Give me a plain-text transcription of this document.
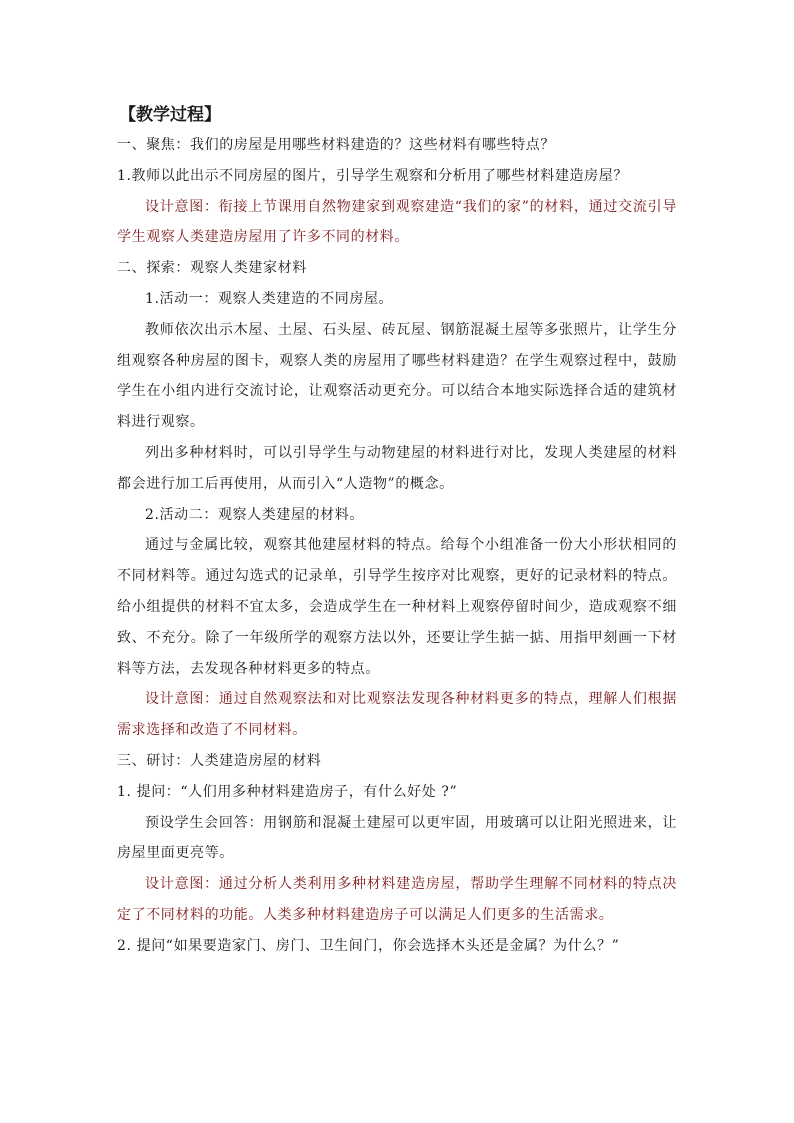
【教学过程】

一、聚焦：我们的房屋是用哪些材料建造的？这些材料有哪些特点？

1.教师以此出示不同房屋的图片，引导学生观察和分析用了哪些材料建造房屋？

设计意图：衔接上节课用自然物建家到观察建造“我们的家”的材料，通过交流引导学生观察人类建造房屋用了许多不同的材料。

二、探索：观察人类建家材料

1.活动一：观察人类建造的不同房屋。

教师依次出示木屋、土屋、石头屋、砖瓦屋、钢筋混凝土屋等多张照片，让学生分组观察各种房屋的图卡，观察人类的房屋用了哪些材料建造？在学生观察过程中，鼓励学生在小组内进行交流讨论，让观察活动更充分。可以结合本地实际选择合适的建筑材料进行观察。

列出多种材料时，可以引导学生与动物建屋的材料进行对比，发现人类建屋的材料都会进行加工后再使用，从而引入“人造物”的概念。

2.活动二：观察人类建屋的材料。

通过与金属比较，观察其他建屋材料的特点。给每个小组准备一份大小形状相同的不同材料等。通过勾选式的记录单，引导学生按序对比观察，更好的记录材料的特点。给小组提供的材料不宜太多，会造成学生在一种材料上观察停留时间少，造成观察不细致、不充分。除了一年级所学的观察方法以外，还要让学生掂一掂、用指甲刻画一下材料等方法，去发现各种材料更多的特点。

设计意图：通过自然观察法和对比观察法发现各种材料更多的特点，理解人们根据需求选择和改造了不同材料。

三、研讨：人类建造房屋的材料

1. 提问：“人们用多种材料建造房子，有什么好处 ?”

预设学生会回答：用钢筋和混凝土建屋可以更牢固，用玻璃可以让阳光照进来，让房屋里面更亮等。

设计意图：通过分析人类利用多种材料建造房屋，帮助学生理解不同材料的特点决定了不同材料的功能。人类多种材料建造房子可以满足人们更多的生活需求。

2. 提问“如果要造家门、房门、卫生间门，你会选择木头还是金属？为什么？”
